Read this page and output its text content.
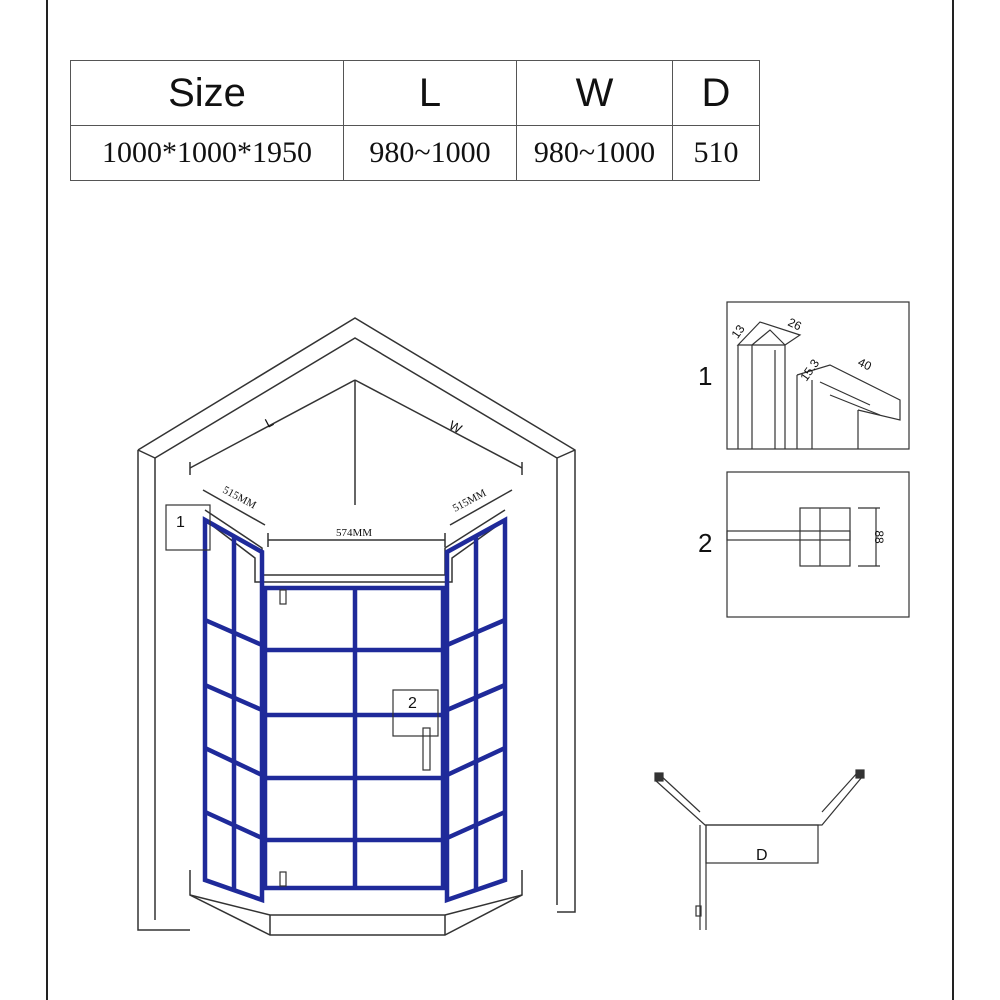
Size	L	W	D
1000*1000*1950	980~1000	980~1000	510
1
2
L	W
515MM
574MM
515MM
13	26
15.3	40
1
88
2
D
